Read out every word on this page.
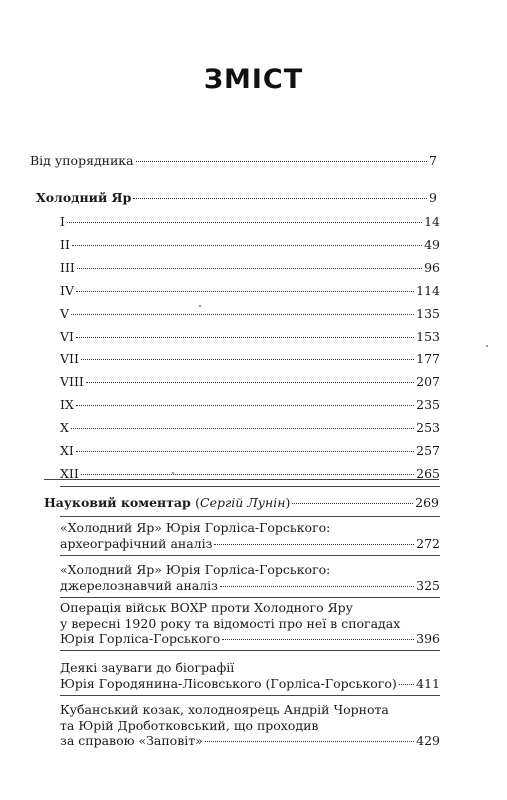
ЗМІСТ
Від упорядника	7
Холодний Яр	9
I	14
II	49
III	96
IV	114
V	135
VI	153
VII	177
VIII	207
IX	235
X	253
XI	257
XII	265
Науковий коментар (Сергій Лунін)	269
«Холодний Яр» Юрія Горліса-Горського:
археографічний аналіз	272
«Холодний Яр» Юрія Горліса-Горського:
джерелознавчий аналіз	325
Операція військ ВОХР проти Холодного Яру
у вересні 1920 року та відомості про неї в спогадах
Юрія Горліса-Горського	396
Деякі зауваги до біографії
Юрія Городянина-Лісовського (Горліса-Горського) 411
Кубанський козак, холодноярець Андрій Чорнота
та Юрій Дроботковський, що проходив
за справою «Заповіт»	429
